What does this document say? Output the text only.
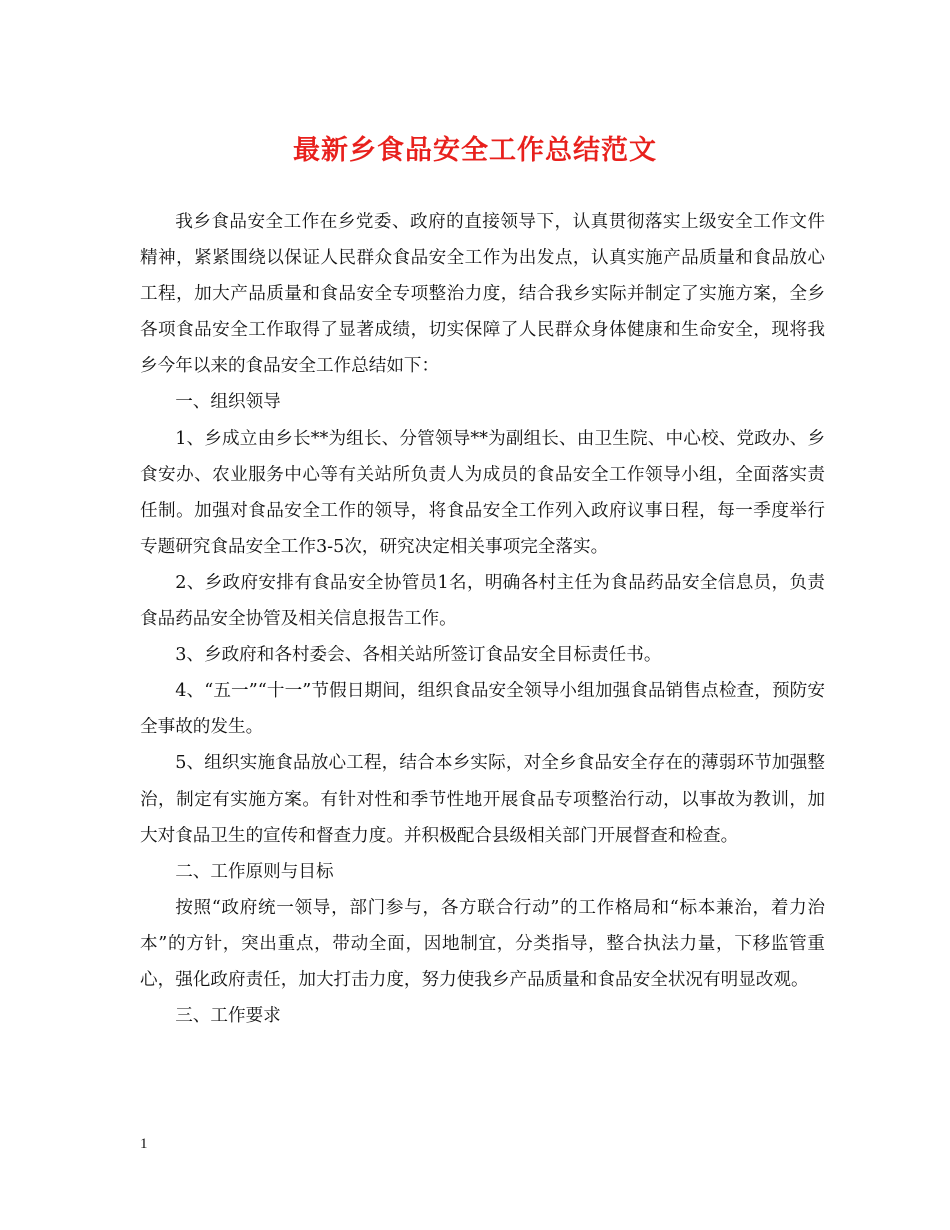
最新乡食品安全工作总结范文

我乡食品安全工作在乡党委、政府的直接领导下，认真贯彻落实上级安全工作文件精神，紧紧围绕以保证人民群众食品安全工作为出发点，认真实施产品质量和食品放心工程，加大产品质量和食品安全专项整治力度，结合我乡实际并制定了实施方案，全乡各项食品安全工作取得了显著成绩，切实保障了人民群众身体健康和生命安全，现将我乡今年以来的食品安全工作总结如下：

一、组织领导

1、乡成立由乡长**为组长、分管领导**为副组长、由卫生院、中心校、党政办、乡食安办、农业服务中心等有关站所负责人为成员的食品安全工作领导小组，全面落实责任制。加强对食品安全工作的领导，将食品安全工作列入政府议事日程，每一季度举行专题研究食品安全工作3-5次，研究决定相关事项完全落实。

2、乡政府安排有食品安全协管员1名，明确各村主任为食品药品安全信息员，负责食品药品安全协管及相关信息报告工作。

3、乡政府和各村委会、各相关站所签订食品安全目标责任书。

4、“五一”“十一”节假日期间，组织食品安全领导小组加强食品销售点检查，预防安全事故的发生。

5、组织实施食品放心工程，结合本乡实际，对全乡食品安全存在的薄弱环节加强整治，制定有实施方案。有针对性和季节性地开展食品专项整治行动，以事故为教训，加大对食品卫生的宣传和督查力度。并积极配合县级相关部门开展督查和检查。

二、工作原则与目标

按照“政府统一领导，部门参与，各方联合行动”的工作格局和“标本兼治，着力治本”的方针，突出重点，带动全面，因地制宜，分类指导，整合执法力量，下移监管重心，强化政府责任，加大打击力度，努力使我乡产品质量和食品安全状况有明显改观。

三、工作要求

1
